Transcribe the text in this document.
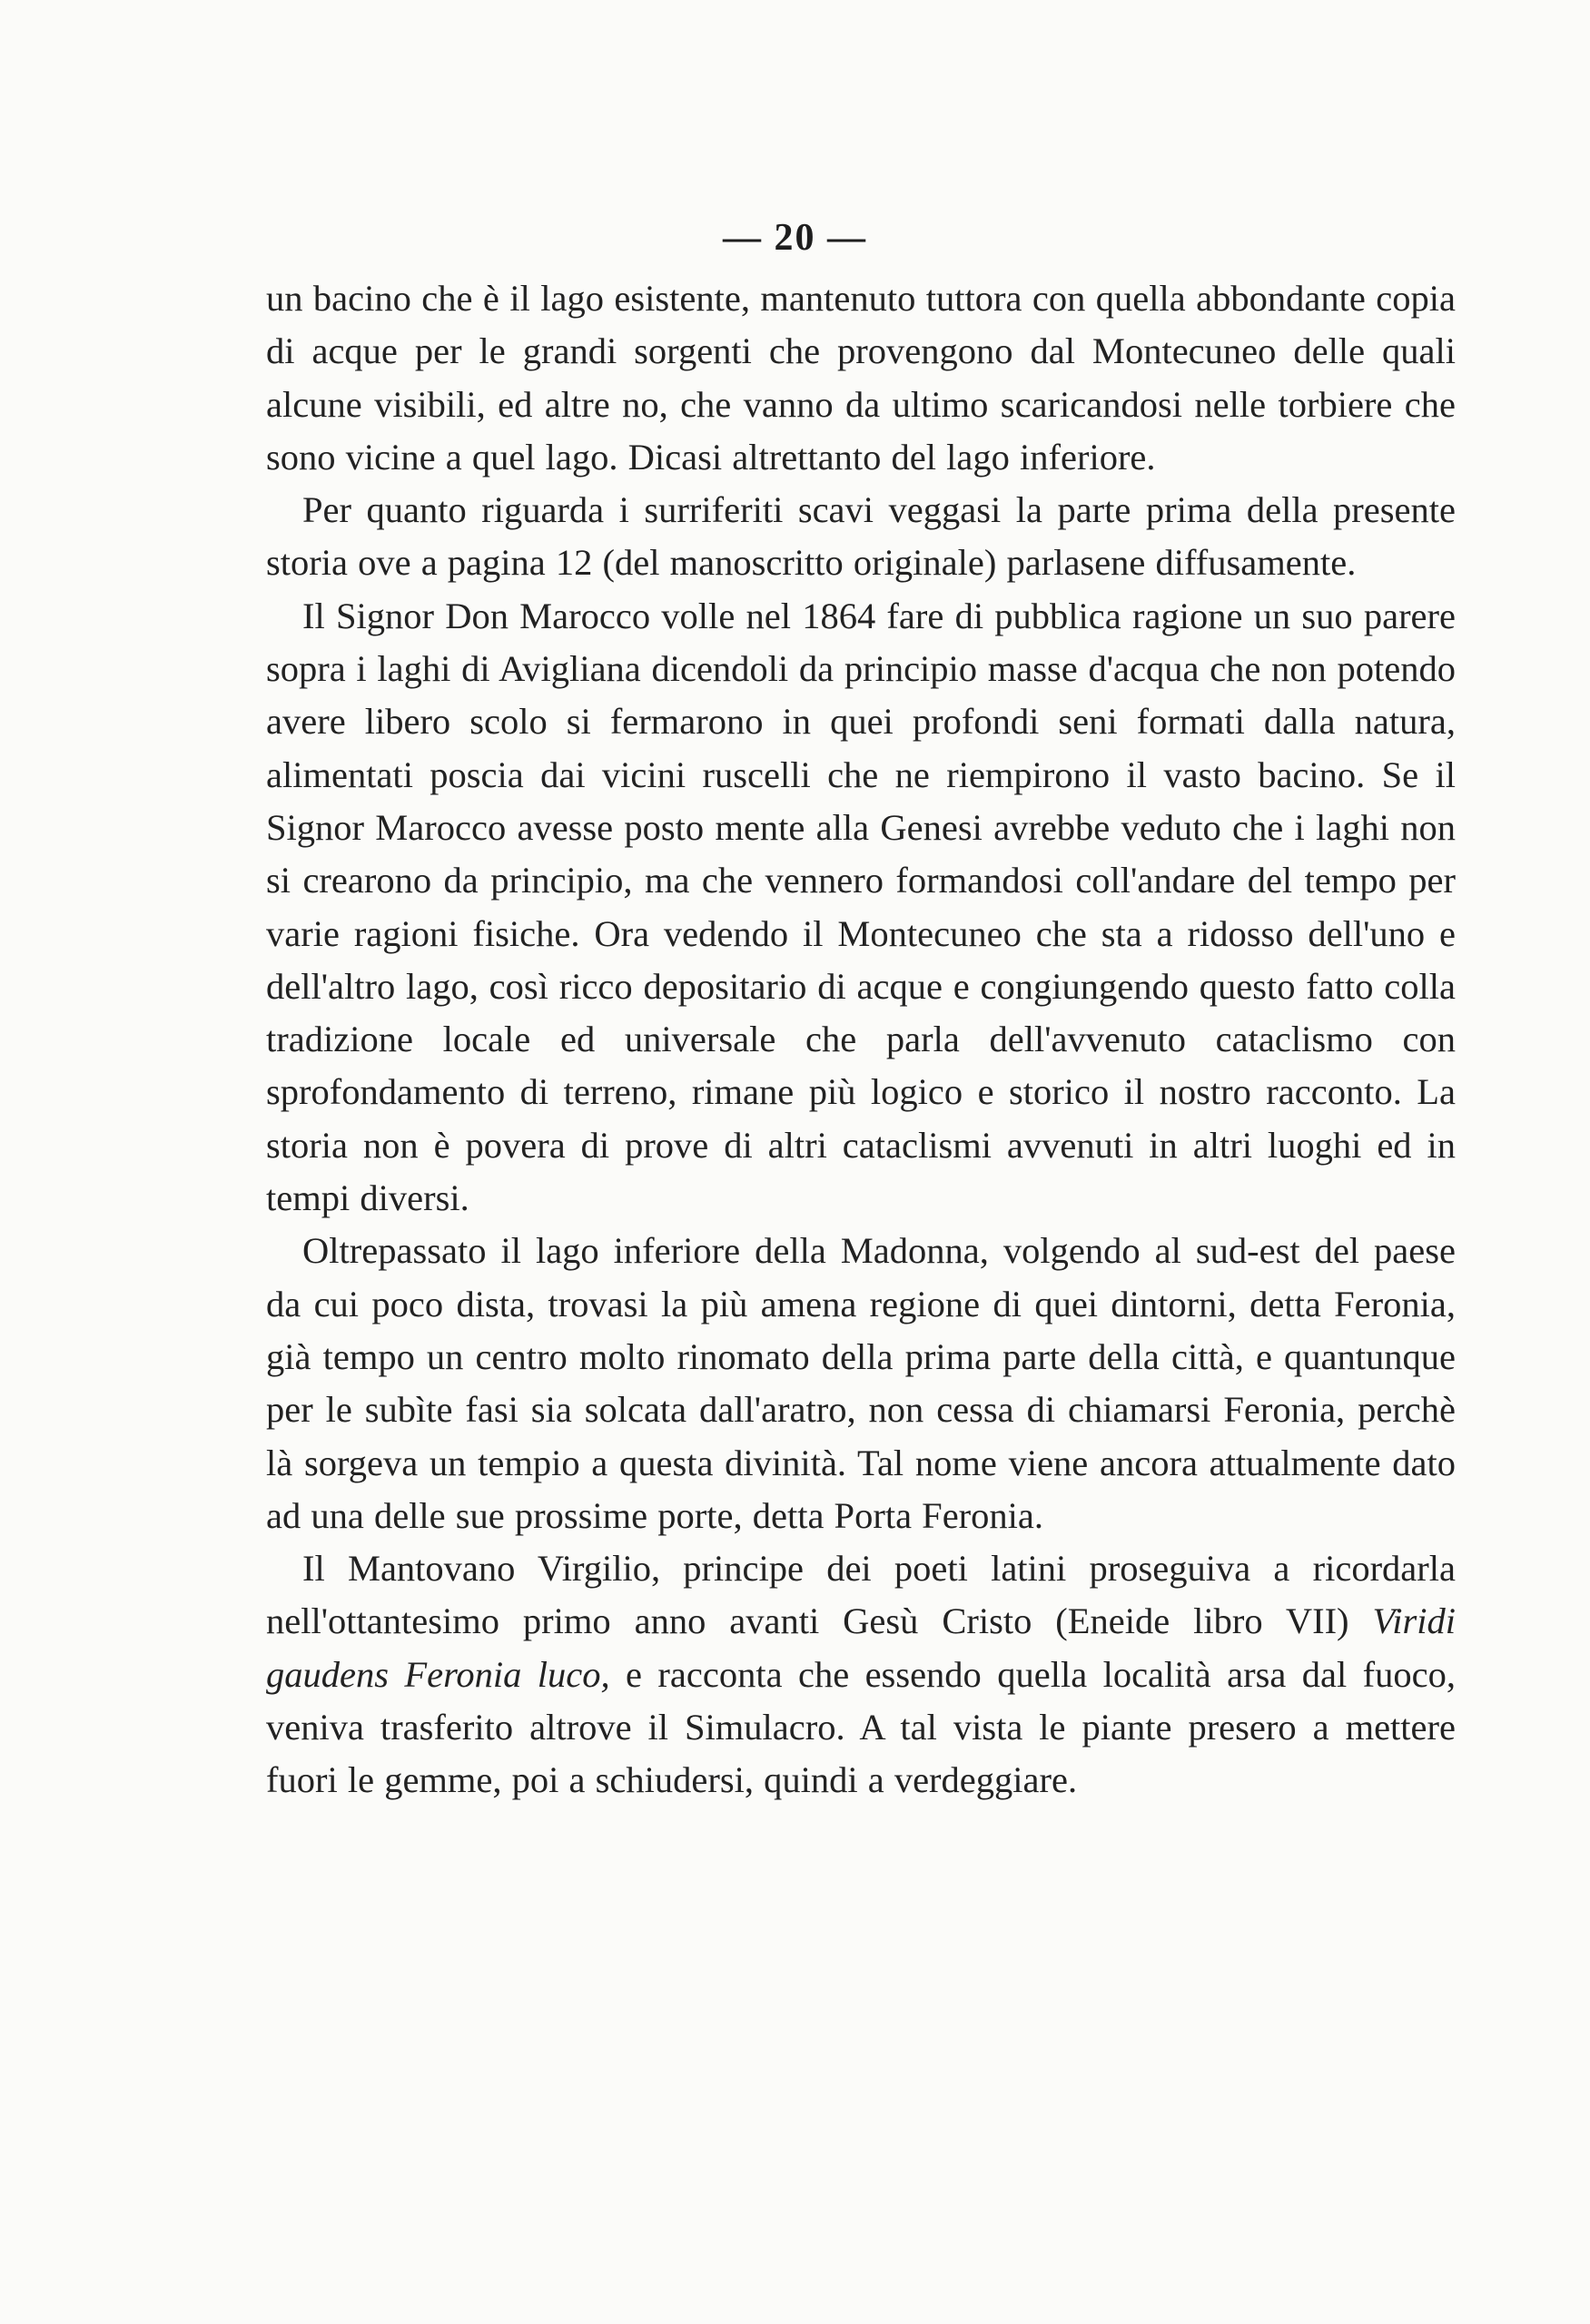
— 20 —

un bacino che è il lago esistente, mantenuto tuttora con quella abbondante copia di acque per le grandi sorgenti che provengono dal Montecuneo delle quali alcune visibili, ed altre no, che vanno da ultimo scaricandosi nelle torbiere che sono vicine a quel lago. Dicasi altrettanto del lago inferiore.

Per quanto riguarda i surriferiti scavi veggasi la parte prima della presente storia ove a pagina 12 (del manoscritto originale) parlasene diffusamente.

Il Signor Don Marocco volle nel 1864 fare di pubblica ragione un suo parere sopra i laghi di Avigliana dicendoli da principio masse d'acqua che non potendo avere libero scolo si fermarono in quei profondi seni formati dalla natura, alimentati poscia dai vicini ruscelli che ne riempirono il vasto bacino. Se il Signor Marocco avesse posto mente alla Genesi avrebbe veduto che i laghi non si crearono da principio, ma che vennero formandosi coll'andare del tempo per varie ragioni fisiche. Ora vedendo il Montecuneo che sta a ridosso dell'uno e dell'altro lago, così ricco depositario di acque e congiungendo questo fatto colla tradizione locale ed universale che parla dell'avvenuto cataclismo con sprofondamento di terreno, rimane più logico e storico il nostro racconto. La storia non è povera di prove di altri cataclismi avvenuti in altri luoghi ed in tempi diversi.

Oltrepassato il lago inferiore della Madonna, volgendo al sud-est del paese da cui poco dista, trovasi la più amena regione di quei dintorni, detta Feronia, già tempo un centro molto rinomato della prima parte della città, e quantunque per le subìte fasi sia solcata dall'aratro, non cessa di chiamarsi Feronia, perchè là sorgeva un tempio a questa divinità. Tal nome viene ancora attualmente dato ad una delle sue prossime porte, detta Porta Feronia.

Il Mantovano Virgilio, principe dei poeti latini proseguiva a ricordarla nell'ottantesimo primo anno avanti Gesù Cristo (Eneide libro VII) Viridi gaudens Feronia luco, e racconta che essendo quella località arsa dal fuoco, veniva trasferito altrove il Simulacro. A tal vista le piante presero a mettere fuori le gemme, poi a schiudersi, quindi a verdeggiare.
